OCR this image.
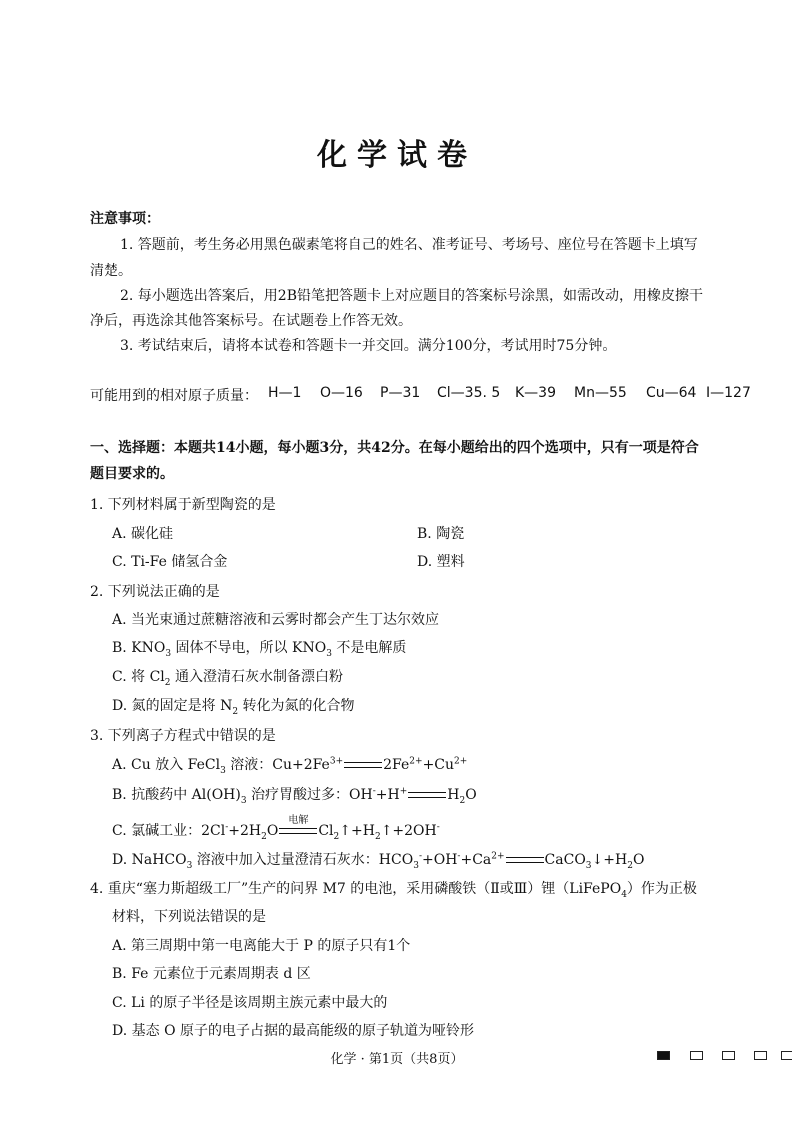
化学试卷
注意事项：
1. 答题前，考生务必用黑色碳素笔将自己的姓名、准考证号、考场号、座位号在答题卡上填写
清楚。
2. 每小题选出答案后，用2B铅笔把答题卡上对应题目的答案标号涂黑，如需改动，用橡皮擦干
净后，再选涂其他答案标号。在试题卷上作答无效。
3. 考试结束后，请将本试卷和答题卡一并交回。满分100分，考试用时75分钟。
可能用到的相对原子质量： H—1 O—16 P—31 Cl—35. 5 K—39 Mn—55 Cu—64 I—127
一、选择题：本题共14小题，每小题3分，共42分。在每小题给出的四个选项中，只有一项是符合
题目要求的。
1. 下列材料属于新型陶瓷的是
A. 碳化硅	B. 陶瓷
C. Ti-Fe 储氢合金	D. 塑料
2. 下列说法正确的是
A. 当光束通过蔗糖溶液和云雾时都会产生丁达尔效应
B. $KNO_3$ 固体不导电，所以 $KNO_3$ 不是电解质
C. 将 $Cl_2$ 通入澄清石灰水制备漂白粉
D. 氮的固定是将 $N_2$ 转化为氮的化合物
3. 下列离子方程式中错误的是
A. Cu 放入 FeCl$_3$ 溶液：$Cu+2Fe^{3+}$	$2Fe^{2+}+Cu^{2+}$
B. 抗酸药中 $Al(OH)_3$ 治疗胃酸过多：OH-+H+	$H_2O$
C. 氯碱工业：$2Cl^-+2H_2O$
电解
$Cl_2↑+H_2↑+2OH^-$
D. NaHCO$_3$ 溶液中加入过量澄清石灰水：$HCO_3^-+OH^-+Ca^{2+}$	$CaCO_3↓+H_2O$
4. 重庆“塞力斯超级工厂”生产的问界 M7 的电池，采用磷酸铁（Ⅱ或Ⅲ）锂（LiFePO$_4$）作为正极
材料，下列说法错误的是
A. 第三周期中第一电离能大于 P 的原子只有1个
B. Fe 元素位于元素周期表 d 区
C. Li 的原子半径是该周期主族元素中最大的
D. 基态 O 原子的电子占据的最高能级的原子轨道为哑铃形
化学 · 第1页（共8页）
